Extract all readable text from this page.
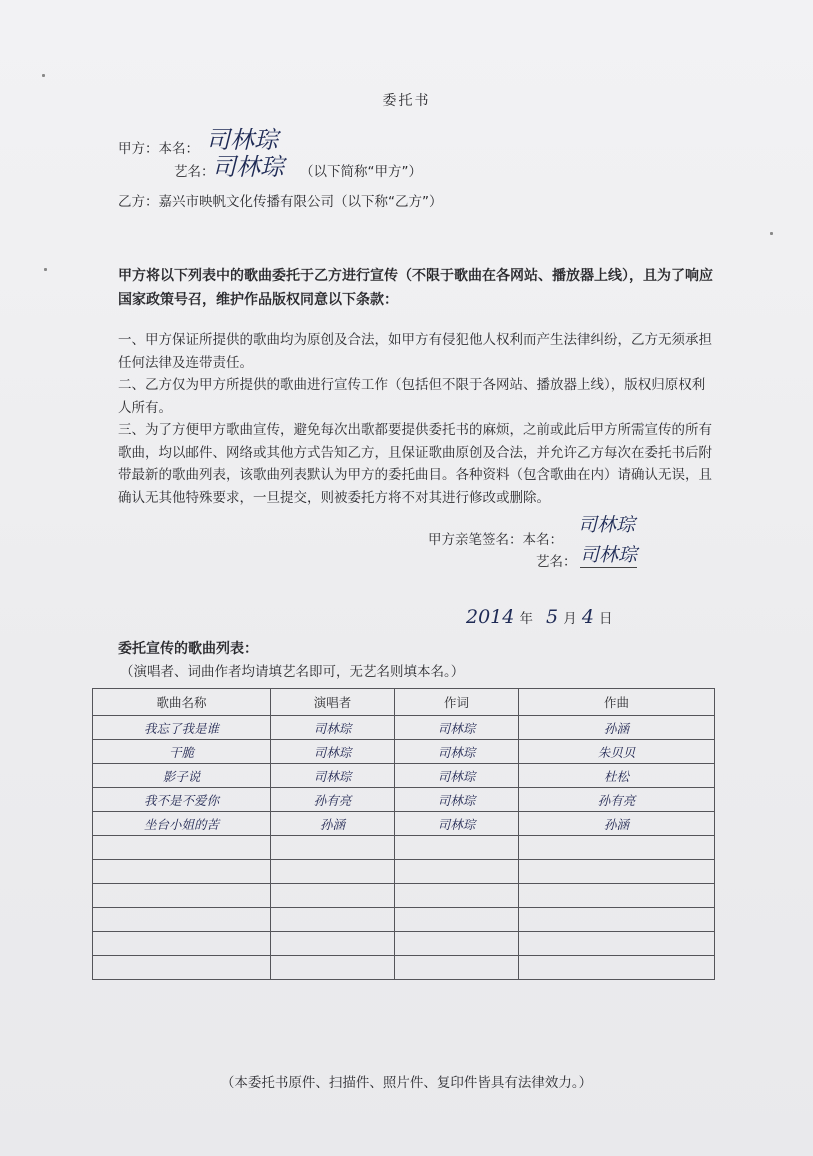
委托书
甲方：本名： 司林琮
艺名：
司林琮 （以下简称“甲方”）
乙方：嘉兴市映帆文化传播有限公司（以下称“乙方”）
甲方将以下列表中的歌曲委托于乙方进行宣传（不限于歌曲在各网站、播放器上线），且为了响应国家政策号召，维护作品版权同意以下条款：
一、甲方保证所提供的歌曲均为原创及合法，如甲方有侵犯他人权利而产生法律纠纷，乙方无须承担任何法律及连带责任。
二、乙方仅为甲方所提供的歌曲进行宣传工作（包括但不限于各网站、播放器上线），版权归原权利人所有。
三、为了方便甲方歌曲宣传，避免每次出歌都要提供委托书的麻烦，之前或此后甲方所需宣传的所有歌曲，均以邮件、网络或其他方式告知乙方，且保证歌曲原创及合法，并允许乙方每次在委托书后附带最新的歌曲列表，该歌曲列表默认为甲方的委托曲目。各种资料（包含歌曲在内）请确认无误，且确认无其他特殊要求，一旦提交，则被委托方将不对其进行修改或删除。
甲方亲笔签名：本名：
司林琮
艺名： 司林琮
2014 年 5 月 4 日
委托宣传的歌曲列表：
（演唱者、词曲作者均请填艺名即可，无艺名则填本名。）
歌曲名称	演唱者	作词	作曲
我忘了我是谁	司林琮	司林琮	孙涵
干脆	司林琮	司林琮	朱贝贝
影子说	司林琮	司林琮	杜松
我不是不爱你	孙有亮	司林琮	孙有亮
坐台小姐的苦	孙涵	司林琮	孙涵

（本委托书原件、扫描件、照片件、复印件皆具有法律效力。）
